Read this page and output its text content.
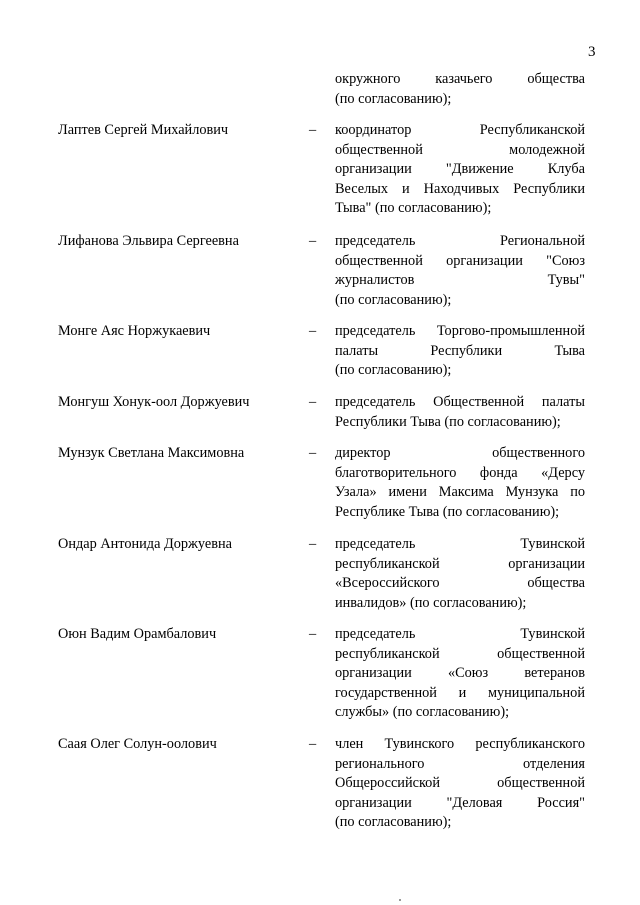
3
окружного казачьего общества
(по согласованию);
Лаптев Сергей Михайлович	– координатор Республиканской
общественной молодежной
организации "Движение Клуба
Веселых и Находчивых Республики
Тыва" (по согласованию);
Лифанова Эльвира Сергеевна	– председатель Региональной
общественной организации "Союз
журналистов Тувы"
(по согласованию);
Монге Аяс Норжукаевич	– председатель Торгово-промышленной
палаты Республики Тыва
(по согласованию);
Монгуш Хонук-оол Доржуевич	– председатель Общественной палаты
Республики Тыва (по согласованию);
Мунзук Светлана Максимовна	– директор общественного
благотворительного фонда «Дерсу
Узала» имени Максима Мунзука по
Республике Тыва (по согласованию);
Ондар Антонида Доржуевна	– председатель Тувинской
республиканской организации
«Всероссийского общества
инвалидов» (по согласованию);
Оюн Вадим Орамбалович	– председатель Тувинской
республиканской общественной
организации «Союз ветеранов
государственной и муниципальной
службы» (по согласованию);
Саая Олег Солун-оолович	– член Тувинского республиканского
регионального отделения
Общероссийской общественной
организации "Деловая Россия"
(по согласованию);
